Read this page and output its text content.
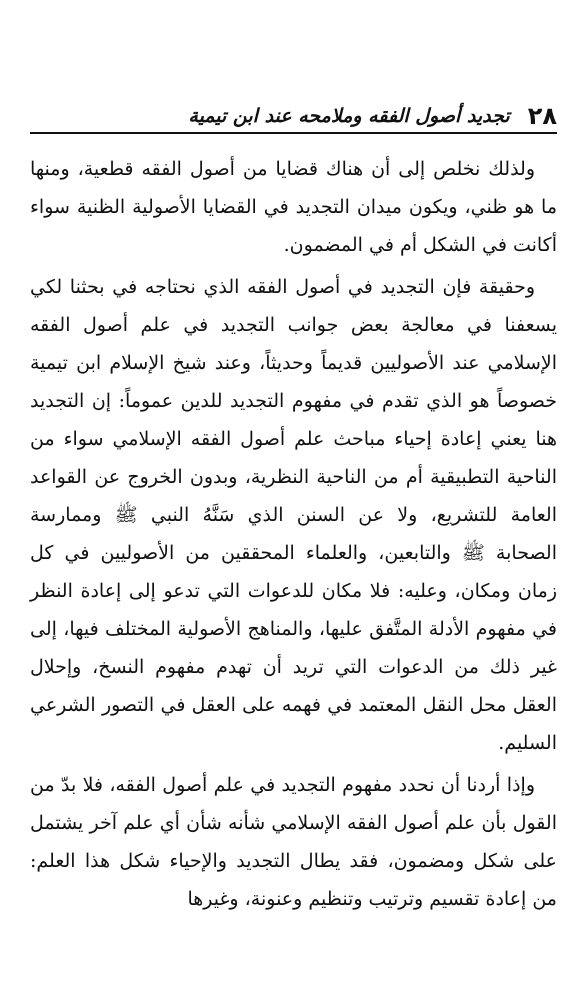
٢٨
تجديد أصول الفقه وملامحه عند ابن تيمية

ولذلك نخلص إلى أن هناك قضايا من أصول الفقه قطعية، ومنها ما هو ظني، ويكون ميدان التجديد في القضايا الأصولية الظنية سواء أكانت في الشكل أم في المضمون.

وحقيقة فإن التجديد في أصول الفقه الذي نحتاجه في بحثنا لكي يسعفنا في معالجة بعض جوانب التجديد في علم أصول الفقه الإسلامي عند الأصوليين قديماً وحديثاً، وعند شيخ الإسلام ابن تيمية خصوصاً هو الذي تقدم في مفهوم التجديد للدين عموماً: إن التجديد هنا يعني إعادة إحياء مباحث علم أصول الفقه الإسلامي سواء من الناحية التطبيقية أم من الناحية النظرية، وبدون الخروج عن القواعد العامة للتشريع، ولا عن السنن الذي سَنَّهُ النبي ﷺ وممارسة الصحابة ﷺ والتابعين، والعلماء المحققين من الأصوليين في كل زمان ومكان، وعليه: فلا مكان للدعوات التي تدعو إلى إعادة النظر في مفهوم الأدلة المتَّفق عليها، والمناهج الأصولية المختلف فيها، إلى غير ذلك من الدعوات التي تريد أن تهدم مفهوم النسخ، وإحلال العقل محل النقل المعتمد في فهمه على العقل في التصور الشرعي السليم.

وإذا أردنا أن نحدد مفهوم التجديد في علم أصول الفقه، فلا بدّ من القول بأن علم أصول الفقه الإسلامي شأنه شأن أي علم آخر يشتمل على شكل ومضمون، فقد يطال التجديد والإحياء شكل هذا العلم: من إعادة تقسيم وترتيب وتنظيم وعنونة، وغيرها
